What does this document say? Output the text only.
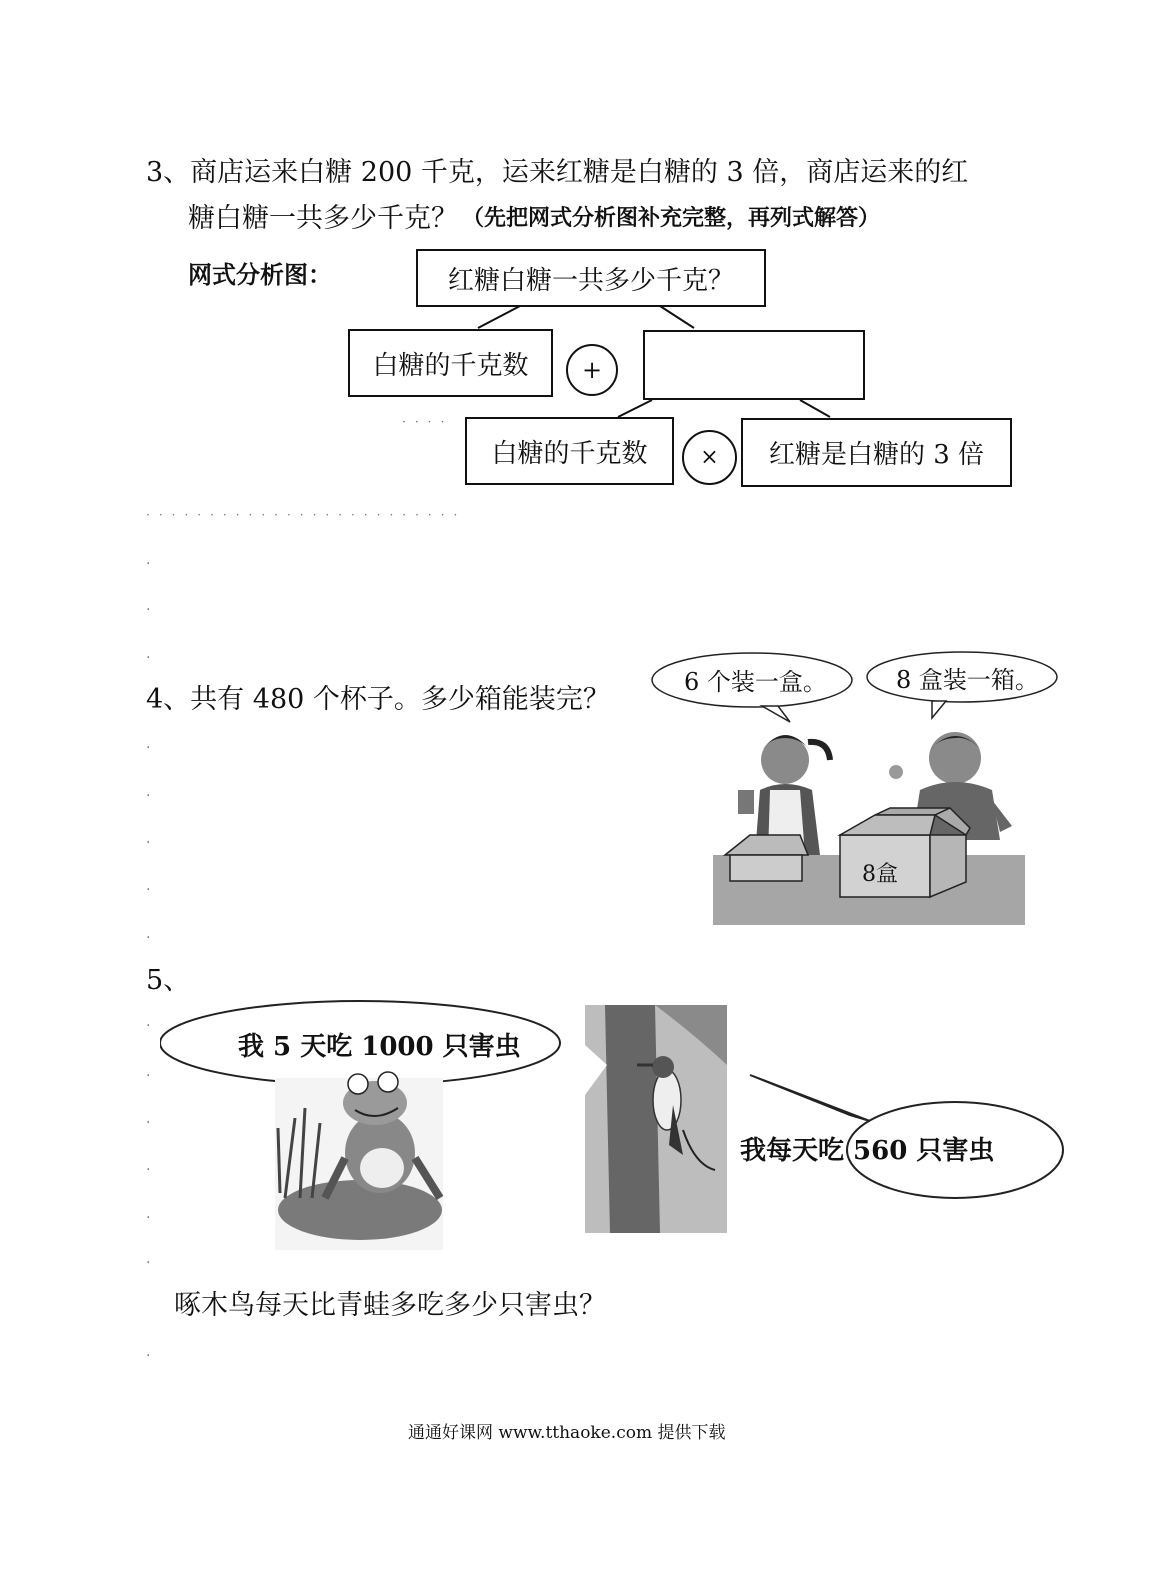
3、商店运来白糖 200 千克，运来红糖是白糖的 3 倍，商店运来的红
糖白糖一共多少千克？ （先把网式分析图补充完整，再列式解答）
网式分析图：	红糖白糖一共多少千克？
白糖的千克数	+
····
白糖的千克数	×	红糖是白糖的 3 倍
·························
·
·
·
4、共有 480 个杯子。多少箱能装完？
·
·
·
·
·
6 个装一盒。	8 盒装一箱。
8盒
5、
·
·
·
·
·
·
·
我 5 天吃 1000 只害虫
我每天吃 560 只害虫
啄木鸟每天比青蛙多吃多少只害虫？
通通好课网 www.tthaoke.com 提供下载
